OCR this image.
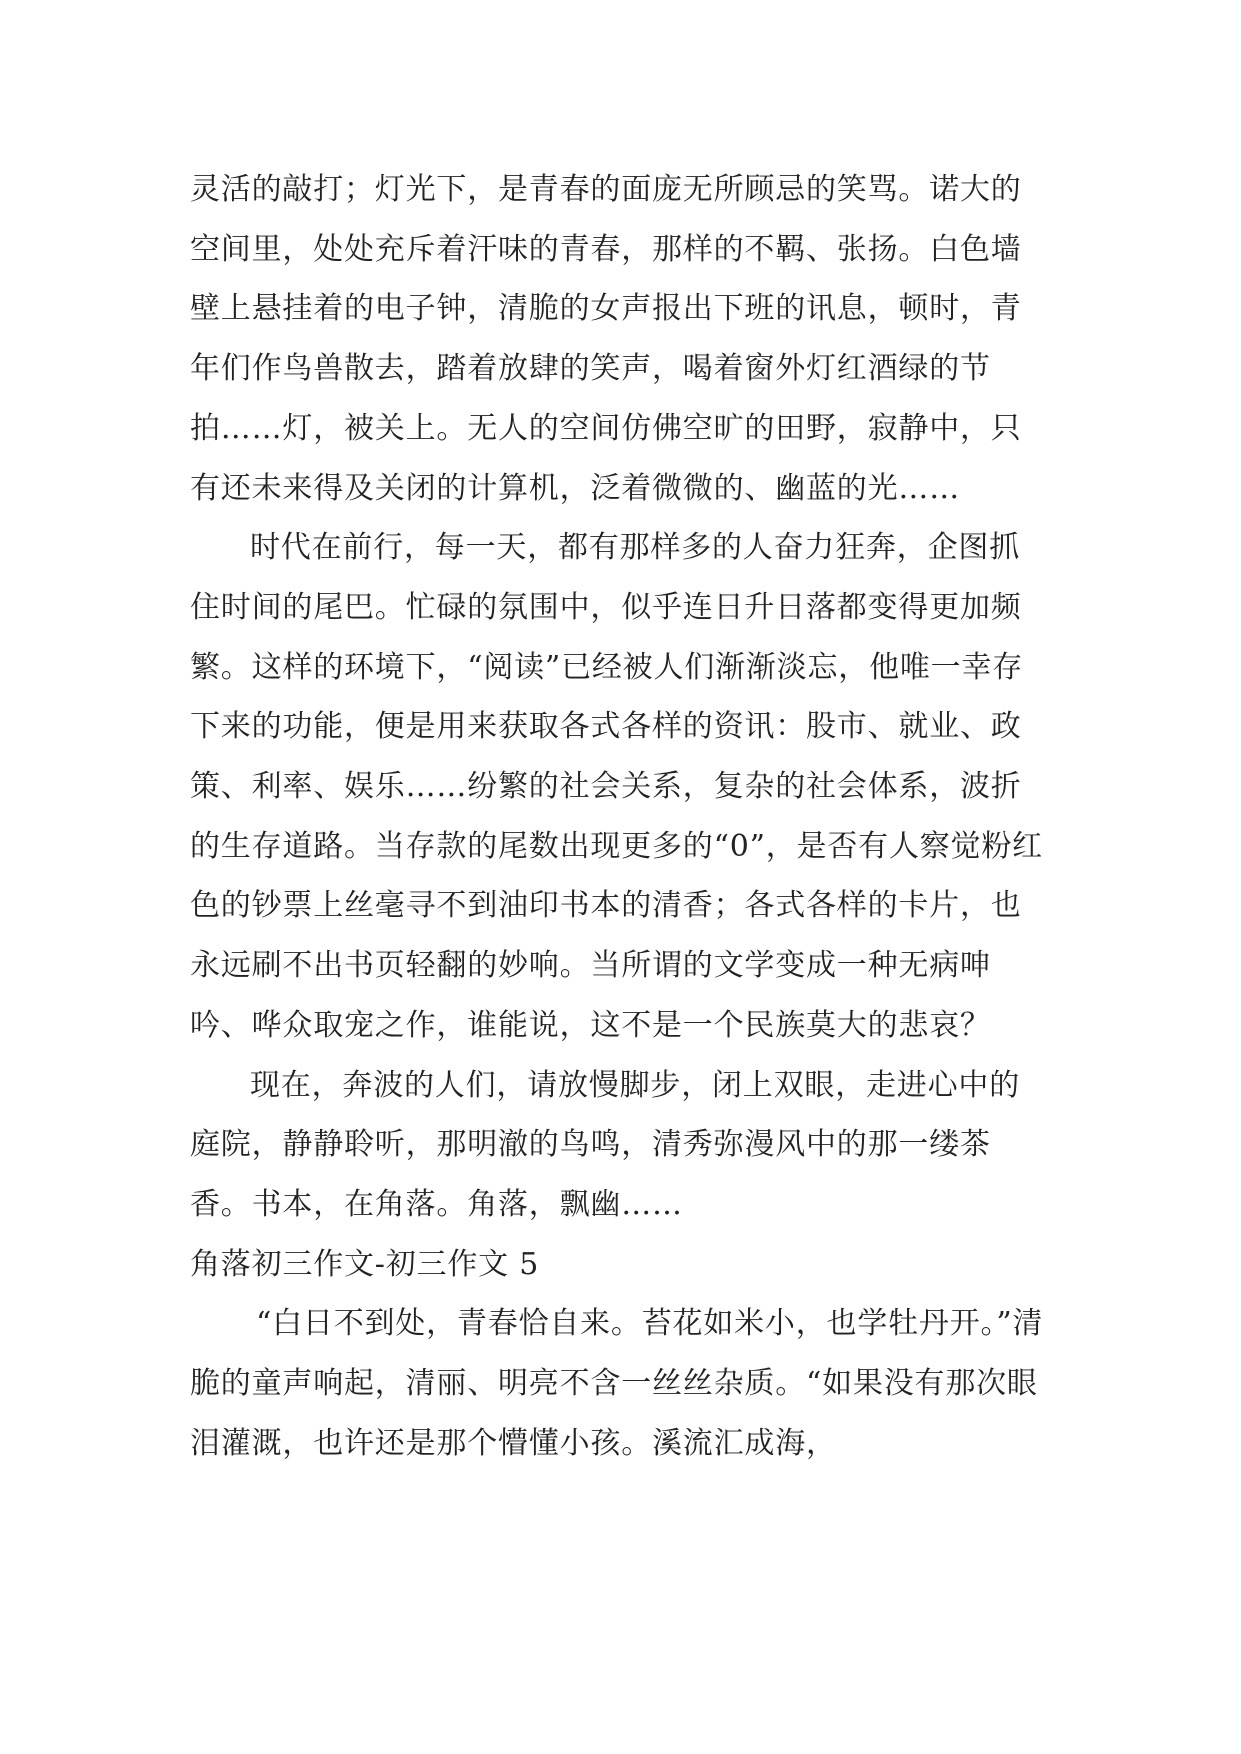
灵活的敲打；灯光下，是青春的面庞无所顾忌的笑骂。诺大的空间里，处处充斥着汗味的青春，那样的不羁、张扬。白色墙壁上悬挂着的电子钟，清脆的女声报出下班的讯息，顿时，青年们作鸟兽散去，踏着放肆的笑声，喝着窗外灯红酒绿的节拍……灯，被关上。无人的空间仿佛空旷的田野，寂静中，只有还未来得及关闭的计算机，泛着微微的、幽蓝的光……

时代在前行，每一天，都有那样多的人奋力狂奔，企图抓住时间的尾巴。忙碌的氛围中，似乎连日升日落都变得更加频繁。这样的环境下，“阅读”已经被人们渐渐淡忘，他唯一幸存下来的功能，便是用来获取各式各样的资讯：股市、就业、政策、利率、娱乐……纷繁的社会关系，复杂的社会体系，波折的生存道路。当存款的尾数出现更多的“0”，是否有人察觉粉红色的钞票上丝毫寻不到油印书本的清香；各式各样的卡片，也永远刷不出书页轻翻的妙响。当所谓的文学变成一种无病呻吟、哗众取宠之作，谁能说，这不是一个民族莫大的悲哀？

现在，奔波的人们，请放慢脚步，闭上双眼，走进心中的庭院，静静聆听，那明澈的鸟鸣，清秀弥漫风中的那一缕茶香。书本，在角落。角落，飘幽……

角落初三作文-初三作文 5

“白日不到处，青春恰自来。苔花如米小，也学牡丹开。”清脆的童声响起，清丽、明亮不含一丝丝杂质。“如果没有那次眼泪灌溉，也许还是那个懵懂小孩。溪流汇成海，
